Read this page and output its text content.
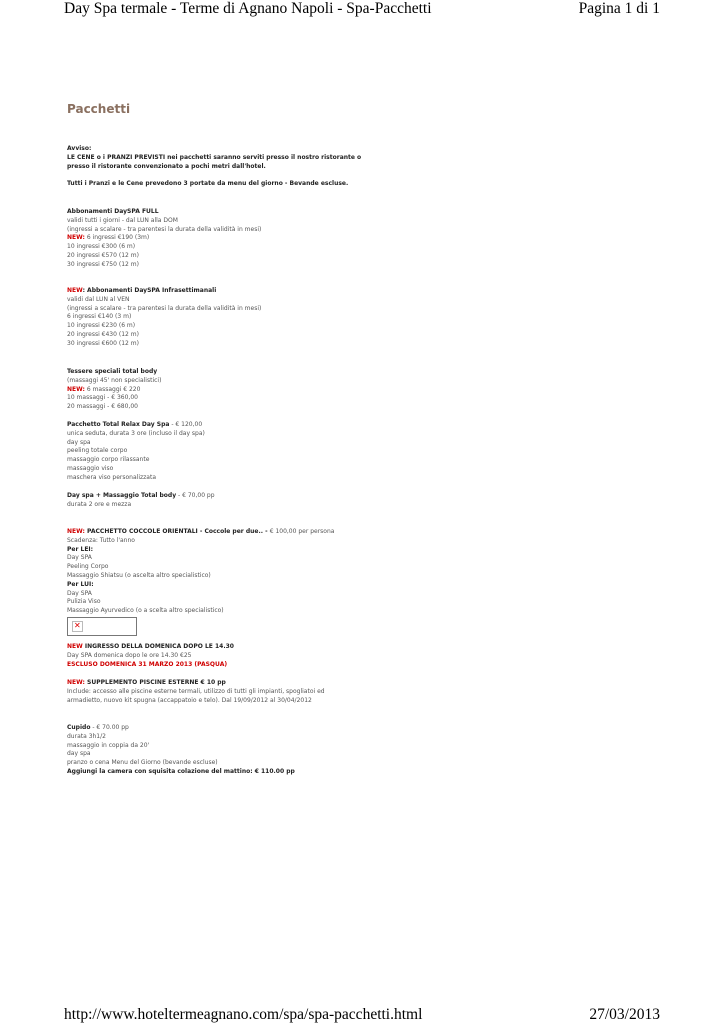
Day Spa termale - Terme di Agnano Napoli - Spa-Pacchetti	Pagina 1 di 1
Pacchetti
Avviso:
LE CENE o i PRANZI PREVISTI nei pacchetti saranno serviti presso il nostro ristorante o
presso il ristorante convenzionato a pochi metri dall'hotel.
Tutti i Pranzi e le Cene prevedono 3 portate da menu del giorno - Bevande escluse.
Abbonamenti DaySPA FULL
validi tutti i giorni - dal LUN alla DOM
(ingressi a scalare - tra parentesi la durata della validità in mesi)
NEW: 6 ingressi €190 (3m)
10 ingressi €300 (6 m)
20 ingressi €570 (12 m)
30 ingressi €750 (12 m)
NEW: Abbonamenti DaySPA Infrasettimanali
validi dal LUN al VEN
(ingressi a scalare - tra parentesi la durata della validità in mesi)
6 ingressi €140 (3 m)
10 ingressi €230 (6 m)
20 ingressi €430 (12 m)
30 ingressi €600 (12 m)
Tessere speciali total body
(massaggi 45' non specialistici)
NEW: 6 massaggi € 220
10 massaggi - € 360,00
20 massaggi - € 680,00
Pacchetto Total Relax Day Spa - € 120,00
unica seduta, durata 3 ore (incluso il day spa)
day spa
peeling totale corpo
massaggio corpo rilassante
massaggio viso
maschera viso personalizzata
Day spa + Massaggio Total body - € 70,00 pp
durata 2 ore e mezza
NEW: PACCHETTO COCCOLE ORIENTALI - Coccole per due.. - € 100,00 per persona
Scadenza: Tutto l'anno
Per LEI:
Day SPA
Peeling Corpo
Massaggio Shiatsu (o ascelta altro specialistico)
Per LUI:
Day SPA
Pulizia Viso
Massaggio Ayurvedico (o a scelta altro specialistico)
✕
NEW INGRESSO DELLA DOMENICA DOPO LE 14.30
Day SPA domenica dopo le ore 14.30 €25
ESCLUSO DOMENICA 31 MARZO 2013 (PASQUA)
NEW: SUPPLEMENTO PISCINE ESTERNE € 10 pp
Include: accesso alle piscine esterne termali, utilizzo di tutti gli impianti, spogliatoi ed
armadietto, nuovo kit spugna (accappatoio e telo). Dal 19/09/2012 al 30/04/2012
Cupido - € 70.00 pp
durata 3h1/2
massaggio in coppia da 20'
day spa
pranzo o cena Menu del Giorno (bevande escluse)
Aggiungi la camera con squisita colazione del mattino: € 110.00 pp
http://www.hoteltermeagnano.com/spa/spa-pacchetti.html	27/03/2013
